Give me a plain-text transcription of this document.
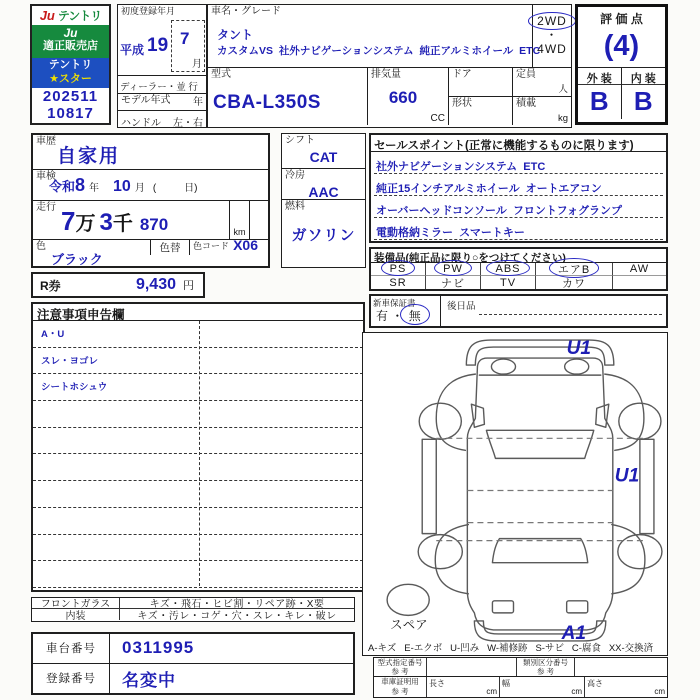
Ju テントリ
Ju
適正販売店
テントリ
★スター
202511
10817
初度登録年月
平成 19 7
月
ディーラー・並 行
モデル年式	年
ハンドル 左・右
車名・グレード
タント
カスタムVS  社外ナビゲーションシステム  純正アルミホイール  ETC
2WD
・
4WD
型式
CBA-L350S
排気量
660
CC
ドア
形状
定員
人
積載
kg
評 価 点
(4)
外 装
B
内 装
B
車歴
自家用
車検
令和 8 年 10 月 (	日)
走行 7 万 3 千 870	km
色
ブラック
色替	色コード X06
R券	9,430 円
シフト
CAT
冷房
AAC
燃料
ガソリン
セールスポイント(正常に機能するものに限ります)
社外ナビゲーションシステム  ETC
純正15インチアルミホイール  オートエアコン
オーバーヘッドコンソール  フロントフォグランプ
電動格納ミラー  スマートキー
装備品(純正品に限り○をつけてください)
PS	PW	ABS	エアB	AW
SR	ナビ	TV	カワ
新車保証書
有 ・ 無
後日品
注意事項申告欄
A・U
スレ・ヨゴレ
シートホシュウ
U1
U1
A1
スペア
A-キズ   E-エクボ   U-凹み   W-補修跡   S-サビ   C-腐食   XX-交換済
フロントガラス	キズ・飛石・ヒビ割・リペア跡・X要
内装	キズ・汚レ・コゲ・穴・スレ・キレ・破レ
車台番号	0311995
登録番号	名変中
型式指定番号
参 考
類別区分番号
参 考
車庫証明用
参 考
長さ
cm
幅
cm
高さ
cm
